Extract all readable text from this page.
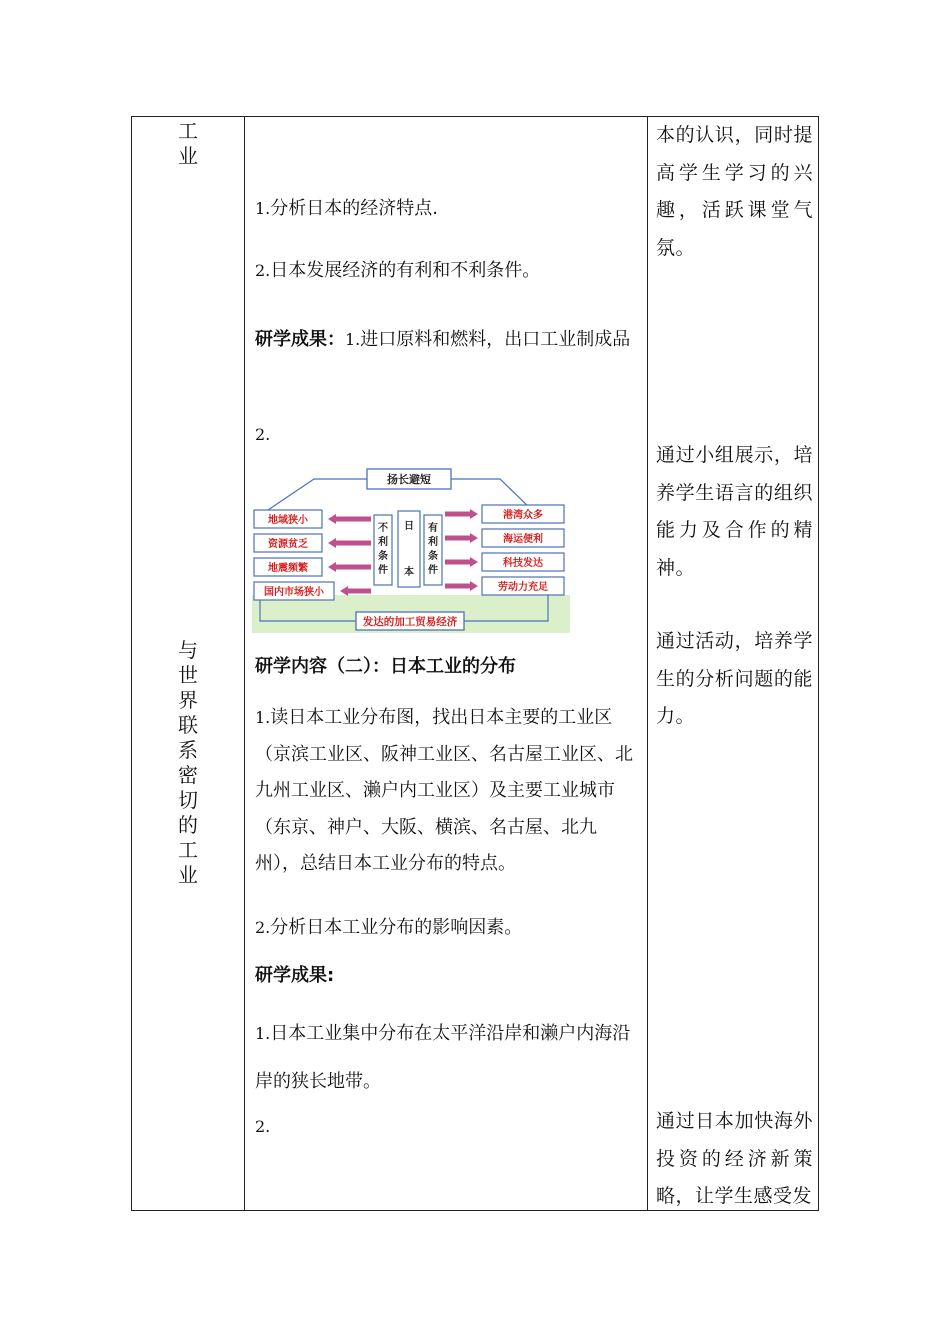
工
业
与
世
界
联
系
密
切
的
工
业

1.分析日本的经济特点.

2.日本发展经济的有利和不利条件。

研学成果：1.进口原料和燃料，出口工业制成品

2.

扬长避短
发达的加工贸易经济
不利条件
日本
有利条件
地域狭小
资源贫乏
地震频繁
国内市场狭小
港湾众多
海运便利
科技发达
劳动力充足

研学内容（二）：日本工业的分布

1.读日本工业分布图，找出日本主要的工业区（京滨工业区、阪神工业区、名古屋工业区、北九州工业区、濑户内工业区）及主要工业城市（东京、神户、大阪、横滨、名古屋、北九州），总结日本工业分布的特点。

2.分析日本工业分布的影响因素。

研学成果:

1.日本工业集中分布在太平洋沿岸和濑户内海沿岸的狭长地带。

2.

本的认识，同时提高学生学习的兴趣，活跃课堂气氛。

通过小组展示，培养学生语言的组织能力及合作的精神。

通过活动，培养学生的分析问题的能力。

通过日本加快海外投资的经济新策略，让学生感受发
